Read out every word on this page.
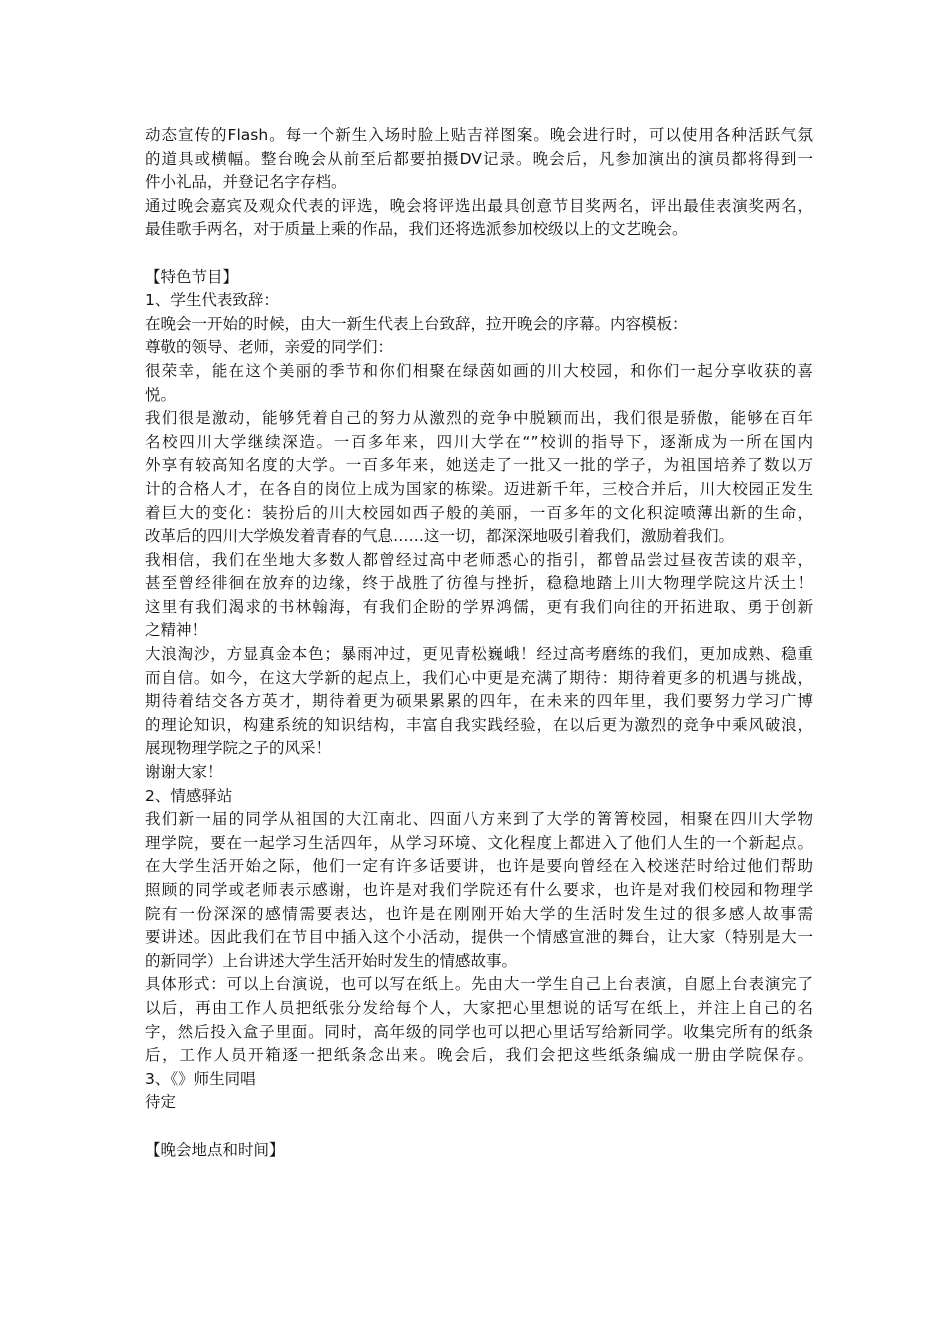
动态宣传的Flash。每一个新生入场时脸上贴吉祥图案。晚会进行时，可以使用各种活跃气氛
的道具或横幅。整台晚会从前至后都要拍摄DV记录。晚会后，凡参加演出的演员都将得到一
件小礼品，并登记名字存档。
通过晚会嘉宾及观众代表的评选，晚会将评选出最具创意节目奖两名，评出最佳表演奖两名，
最佳歌手两名，对于质量上乘的作品，我们还将选派参加校级以上的文艺晚会。
【特色节目】
1、学生代表致辞：
在晚会一开始的时候，由大一新生代表上台致辞，拉开晚会的序幕。内容模板：
尊敬的领导、老师，亲爱的同学们：
很荣幸，能在这个美丽的季节和你们相聚在绿茵如画的川大校园，和你们一起分享收获的喜
悦。
我们很是激动，能够凭着自己的努力从激烈的竞争中脱颖而出，我们很是骄傲，能够在百年
名校四川大学继续深造。一百多年来，四川大学在“”校训的指导下，逐渐成为一所在国内
外享有较高知名度的大学。一百多年来，她送走了一批又一批的学子，为祖国培养了数以万
计的合格人才，在各自的岗位上成为国家的栋梁。迈进新千年，三校合并后，川大校园正发生
着巨大的变化：装扮后的川大校园如西子般的美丽，一百多年的文化积淀喷薄出新的生命，
改革后的四川大学焕发着青春的气息……这一切，都深深地吸引着我们，激励着我们。
我相信，我们在坐地大多数人都曾经过高中老师悉心的指引，都曾品尝过昼夜苦读的艰辛，
甚至曾经徘徊在放弃的边缘，终于战胜了彷徨与挫折，稳稳地踏上川大物理学院这片沃土！
这里有我们渴求的书林翰海，有我们企盼的学界鸿儒，更有我们向往的开拓进取、勇于创新
之精神！
大浪淘沙，方显真金本色；暴雨冲过，更见青松巍峨！经过高考磨练的我们，更加成熟、稳重
而自信。如今，在这大学新的起点上，我们心中更是充满了期待：期待着更多的机遇与挑战，
期待着结交各方英才，期待着更为硕果累累的四年，在未来的四年里，我们要努力学习广博
的理论知识，构建系统的知识结构，丰富自我实践经验，在以后更为激烈的竞争中乘风破浪，
展现物理学院之子的风采！
谢谢大家！
2、情感驿站
我们新一届的同学从祖国的大江南北、四面八方来到了大学的箐箐校园，相聚在四川大学物
理学院，要在一起学习生活四年，从学习环境、文化程度上都进入了他们人生的一个新起点。
在大学生活开始之际，他们一定有许多话要讲，也许是要向曾经在入校迷茫时给过他们帮助
照顾的同学或老师表示感谢，也许是对我们学院还有什么要求，也许是对我们校园和物理学
院有一份深深的感情需要表达，也许是在刚刚开始大学的生活时发生过的很多感人故事需
要讲述。因此我们在节目中插入这个小活动，提供一个情感宣泄的舞台，让大家（特别是大一
的新同学）上台讲述大学生活开始时发生的情感故事。
具体形式：可以上台演说，也可以写在纸上。先由大一学生自己上台表演，自愿上台表演完了
以后，再由工作人员把纸张分发给每个人，大家把心里想说的话写在纸上，并注上自己的名
字，然后投入盒子里面。同时，高年级的同学也可以把心里话写给新同学。收集完所有的纸条
后，工作人员开箱逐一把纸条念出来。晚会后，我们会把这些纸条编成一册由学院保存。
3、《》师生同唱
待定
【晚会地点和时间】
